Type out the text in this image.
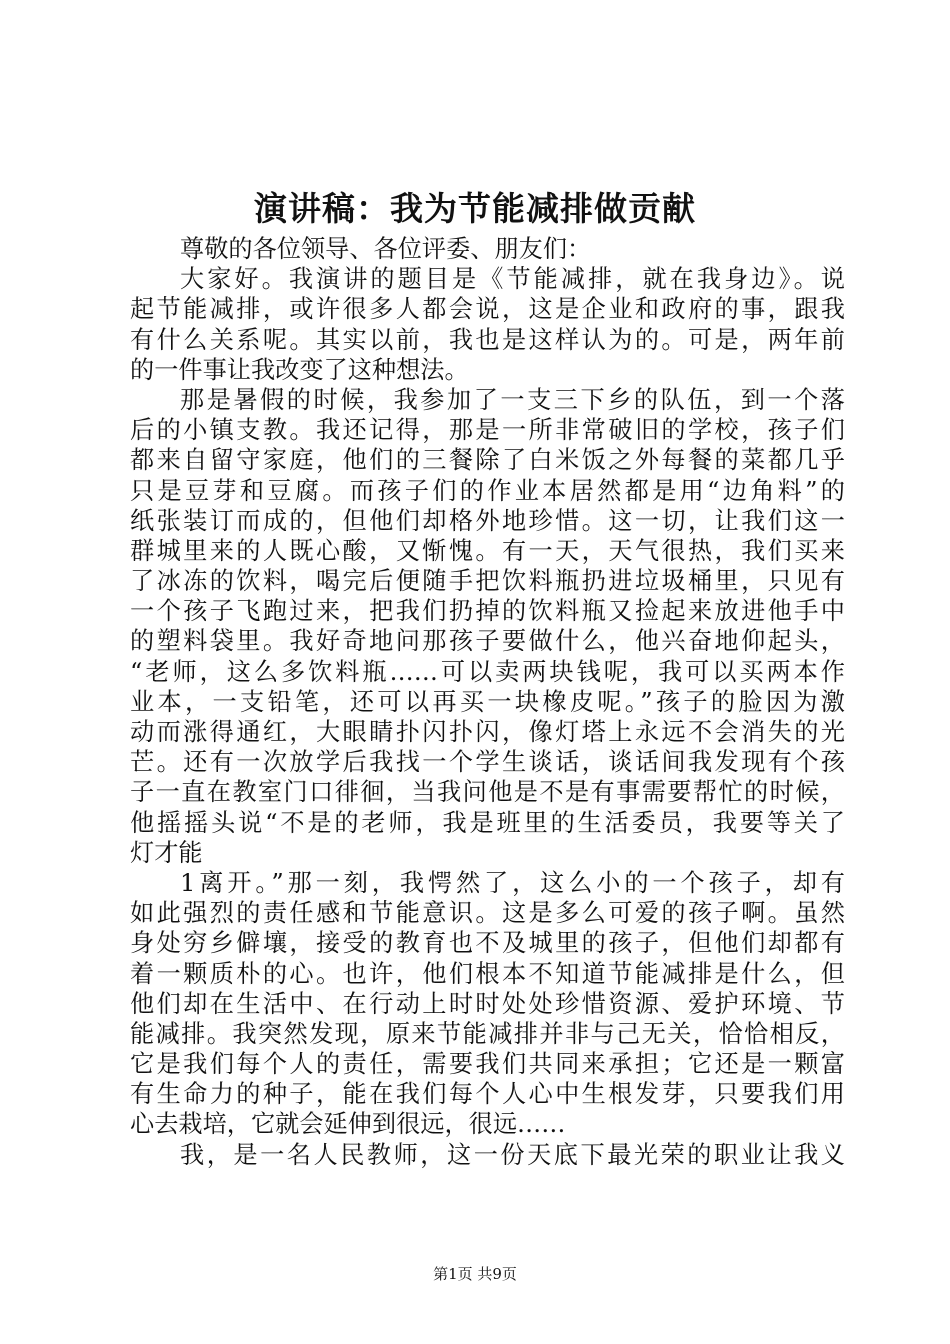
演讲稿：我为节能减排做贡献
尊敬的各位领导、各位评委、朋友们：
大家好。我演讲的题目是《节能减排，就在我身边》。说
起节能减排，或许很多人都会说，这是企业和政府的事，跟我
有什么关系呢。其实以前，我也是这样认为的。可是，两年前
的一件事让我改变了这种想法。
那是暑假的时候，我参加了一支三下乡的队伍，到一个落
后的小镇支教。我还记得，那是一所非常破旧的学校，孩子们
都来自留守家庭，他们的三餐除了白米饭之外每餐的菜都几乎
只是豆芽和豆腐。而孩子们的作业本居然都是用“边角料”的
纸张装订而成的，但他们却格外地珍惜。这一切，让我们这一
群城里来的人既心酸，又惭愧。有一天，天气很热，我们买来
了冰冻的饮料，喝完后便随手把饮料瓶扔进垃圾桶里，只见有
一个孩子飞跑过来，把我们扔掉的饮料瓶又捡起来放进他手中
的塑料袋里。我好奇地问那孩子要做什么，他兴奋地仰起头，
“老师，这么多饮料瓶……可以卖两块钱呢，我可以买两本作
业本，一支铅笔，还可以再买一块橡皮呢。”孩子的脸因为激
动而涨得通红，大眼睛扑闪扑闪，像灯塔上永远不会消失的光
芒。还有一次放学后我找一个学生谈话，谈话间我发现有个孩
子一直在教室门口徘徊，当我问他是不是有事需要帮忙的时候，
他摇摇头说“不是的老师，我是班里的生活委员，我要等关了
灯才能
1离开。”那一刻，我愕然了，这么小的一个孩子，却有
如此强烈的责任感和节能意识。这是多么可爱的孩子啊。虽然
身处穷乡僻壤，接受的教育也不及城里的孩子，但他们却都有
着一颗质朴的心。也许，他们根本不知道节能减排是什么，但
他们却在生活中、在行动上时时处处珍惜资源、爱护环境、节
能减排。我突然发现，原来节能减排并非与己无关，恰恰相反，
它是我们每个人的责任，需要我们共同来承担；它还是一颗富
有生命力的种子，能在我们每个人心中生根发芽，只要我们用
心去栽培，它就会延伸到很远，很远……
我，是一名人民教师，这一份天底下最光荣的职业让我义
第1页 共9页
